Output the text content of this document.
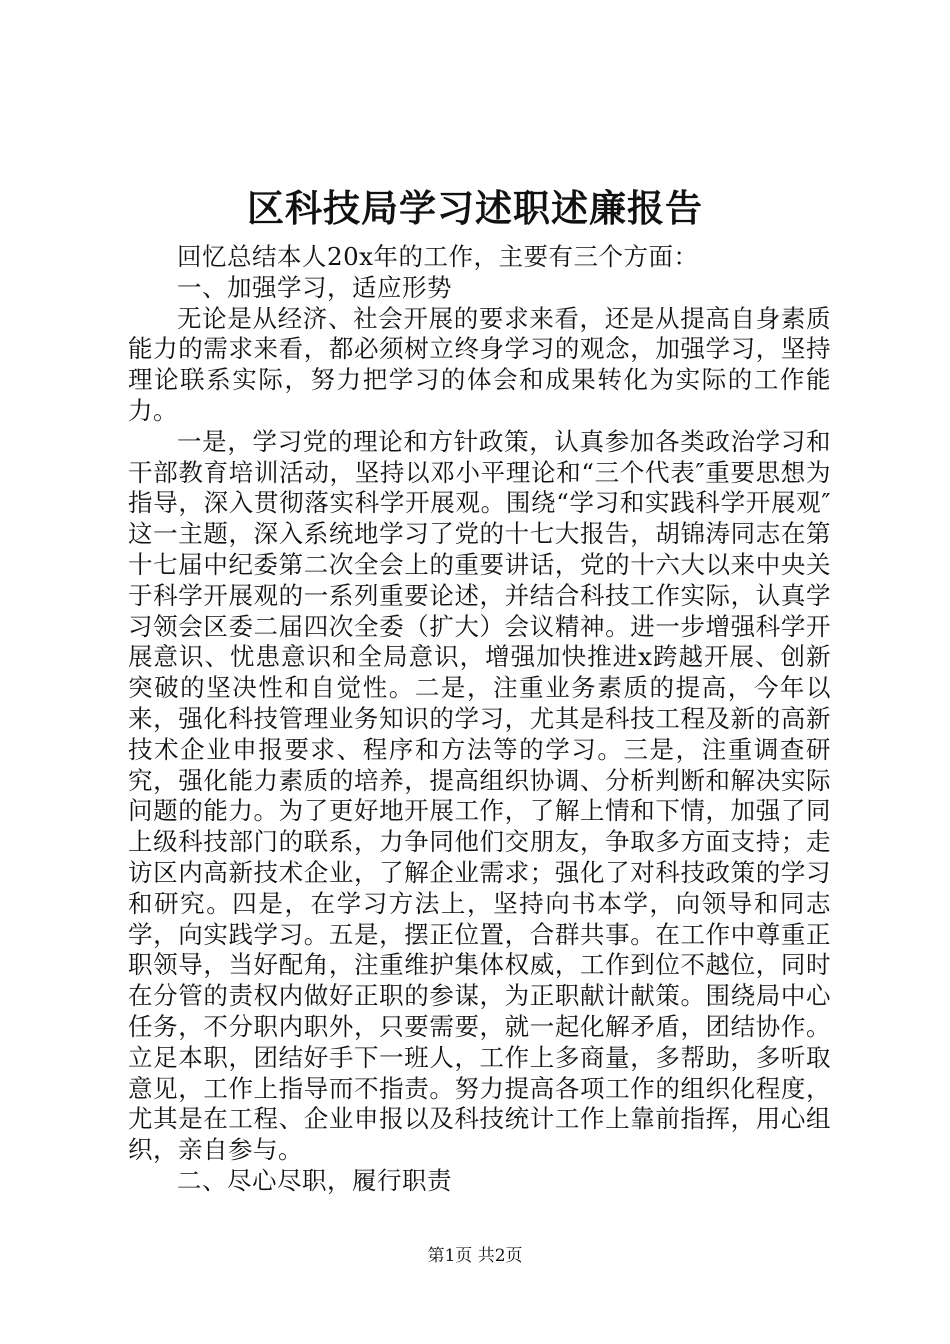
区科技局学习述职述廉报告

回忆总结本人20x年的工作，主要有三个方面：

一、加强学习，适应形势

无论是从经济、社会开展的要求来看，还是从提高自身素质能力的需求来看，都必须树立终身学习的观念，加强学习，坚持理论联系实际，努力把学习的体会和成果转化为实际的工作能力。

一是，学习党的理论和方针政策，认真参加各类政治学习和干部教育培训活动，坚持以邓小平理论和“三个代表″重要思想为指导，深入贯彻落实科学开展观。围绕“学习和实践科学开展观″这一主题，深入系统地学习了党的十七大报告，胡锦涛同志在第十七届中纪委第二次全会上的重要讲话，党的十六大以来中央关于科学开展观的一系列重要论述，并结合科技工作实际，认真学习领会区委二届四次全委（扩大）会议精神。进一步增强科学开展意识、忧患意识和全局意识，增强加快推进x跨越开展、创新突破的坚决性和自觉性。二是，注重业务素质的提高，今年以来，强化科技管理业务知识的学习，尤其是科技工程及新的高新技术企业申报要求、程序和方法等的学习。三是，注重调查研究，强化能力素质的培养，提高组织协调、分析判断和解决实际问题的能力。为了更好地开展工作，了解上情和下情，加强了同上级科技部门的联系，力争同他们交朋友，争取多方面支持；走访区内高新技术企业，了解企业需求；强化了对科技政策的学习和研究。四是，在学习方法上，坚持向书本学，向领导和同志学，向实践学习。五是，摆正位置，合群共事。在工作中尊重正职领导，当好配角，注重维护集体权威，工作到位不越位，同时在分管的责权内做好正职的参谋，为正职献计献策。围绕局中心任务，不分职内职外，只要需要，就一起化解矛盾，团结协作。立足本职，团结好手下一班人，工作上多商量，多帮助，多听取意见，工作上指导而不指责。努力提高各项工作的组织化程度，尤其是在工程、企业申报以及科技统计工作上靠前指挥，用心组织，亲自参与。

二、尽心尽职，履行职责

第1页 共2页
